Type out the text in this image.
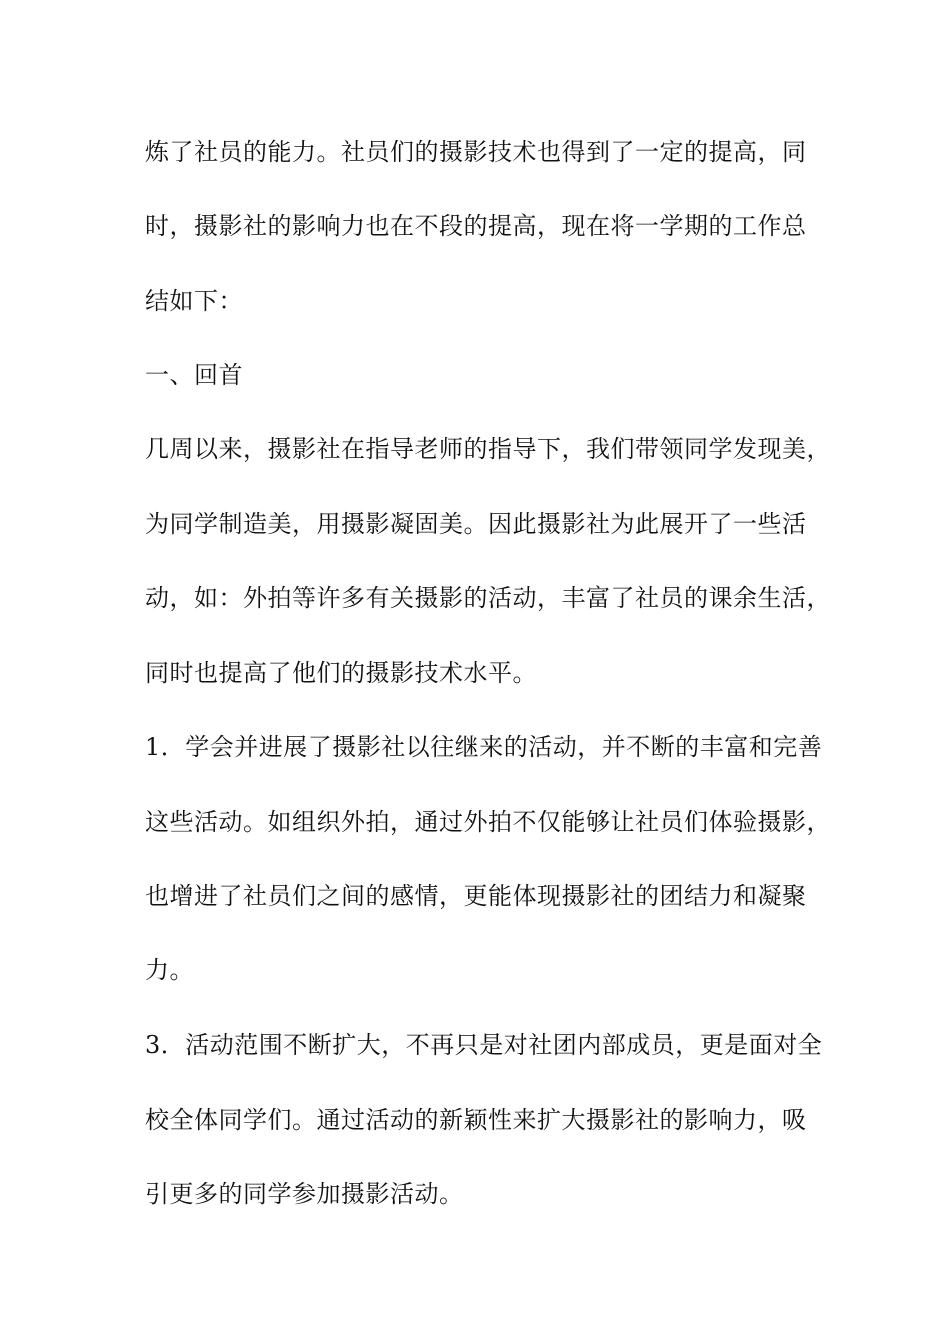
炼了社员的能力。社员们的摄影技术也得到了一定的提高，同
时，摄影社的影响力也在不段的提高，现在将一学期的工作总
结如下：
一、回首
几周以来，摄影社在指导老师的指导下，我们带领同学发现美，
为同学制造美，用摄影凝固美。因此摄影社为此展开了一些活
动，如：外拍等许多有关摄影的活动，丰富了社员的课余生活，
同时也提高了他们的摄影技术水平。
1．学会并进展了摄影社以往继来的活动，并不断的丰富和完善
这些活动。如组织外拍，通过外拍不仅能够让社员们体验摄影，
也增进了社员们之间的感情，更能体现摄影社的团结力和凝聚
力。
3．活动范围不断扩大，不再只是对社团内部成员，更是面对全
校全体同学们。通过活动的新颖性来扩大摄影社的影响力，吸
引更多的同学参加摄影活动。
